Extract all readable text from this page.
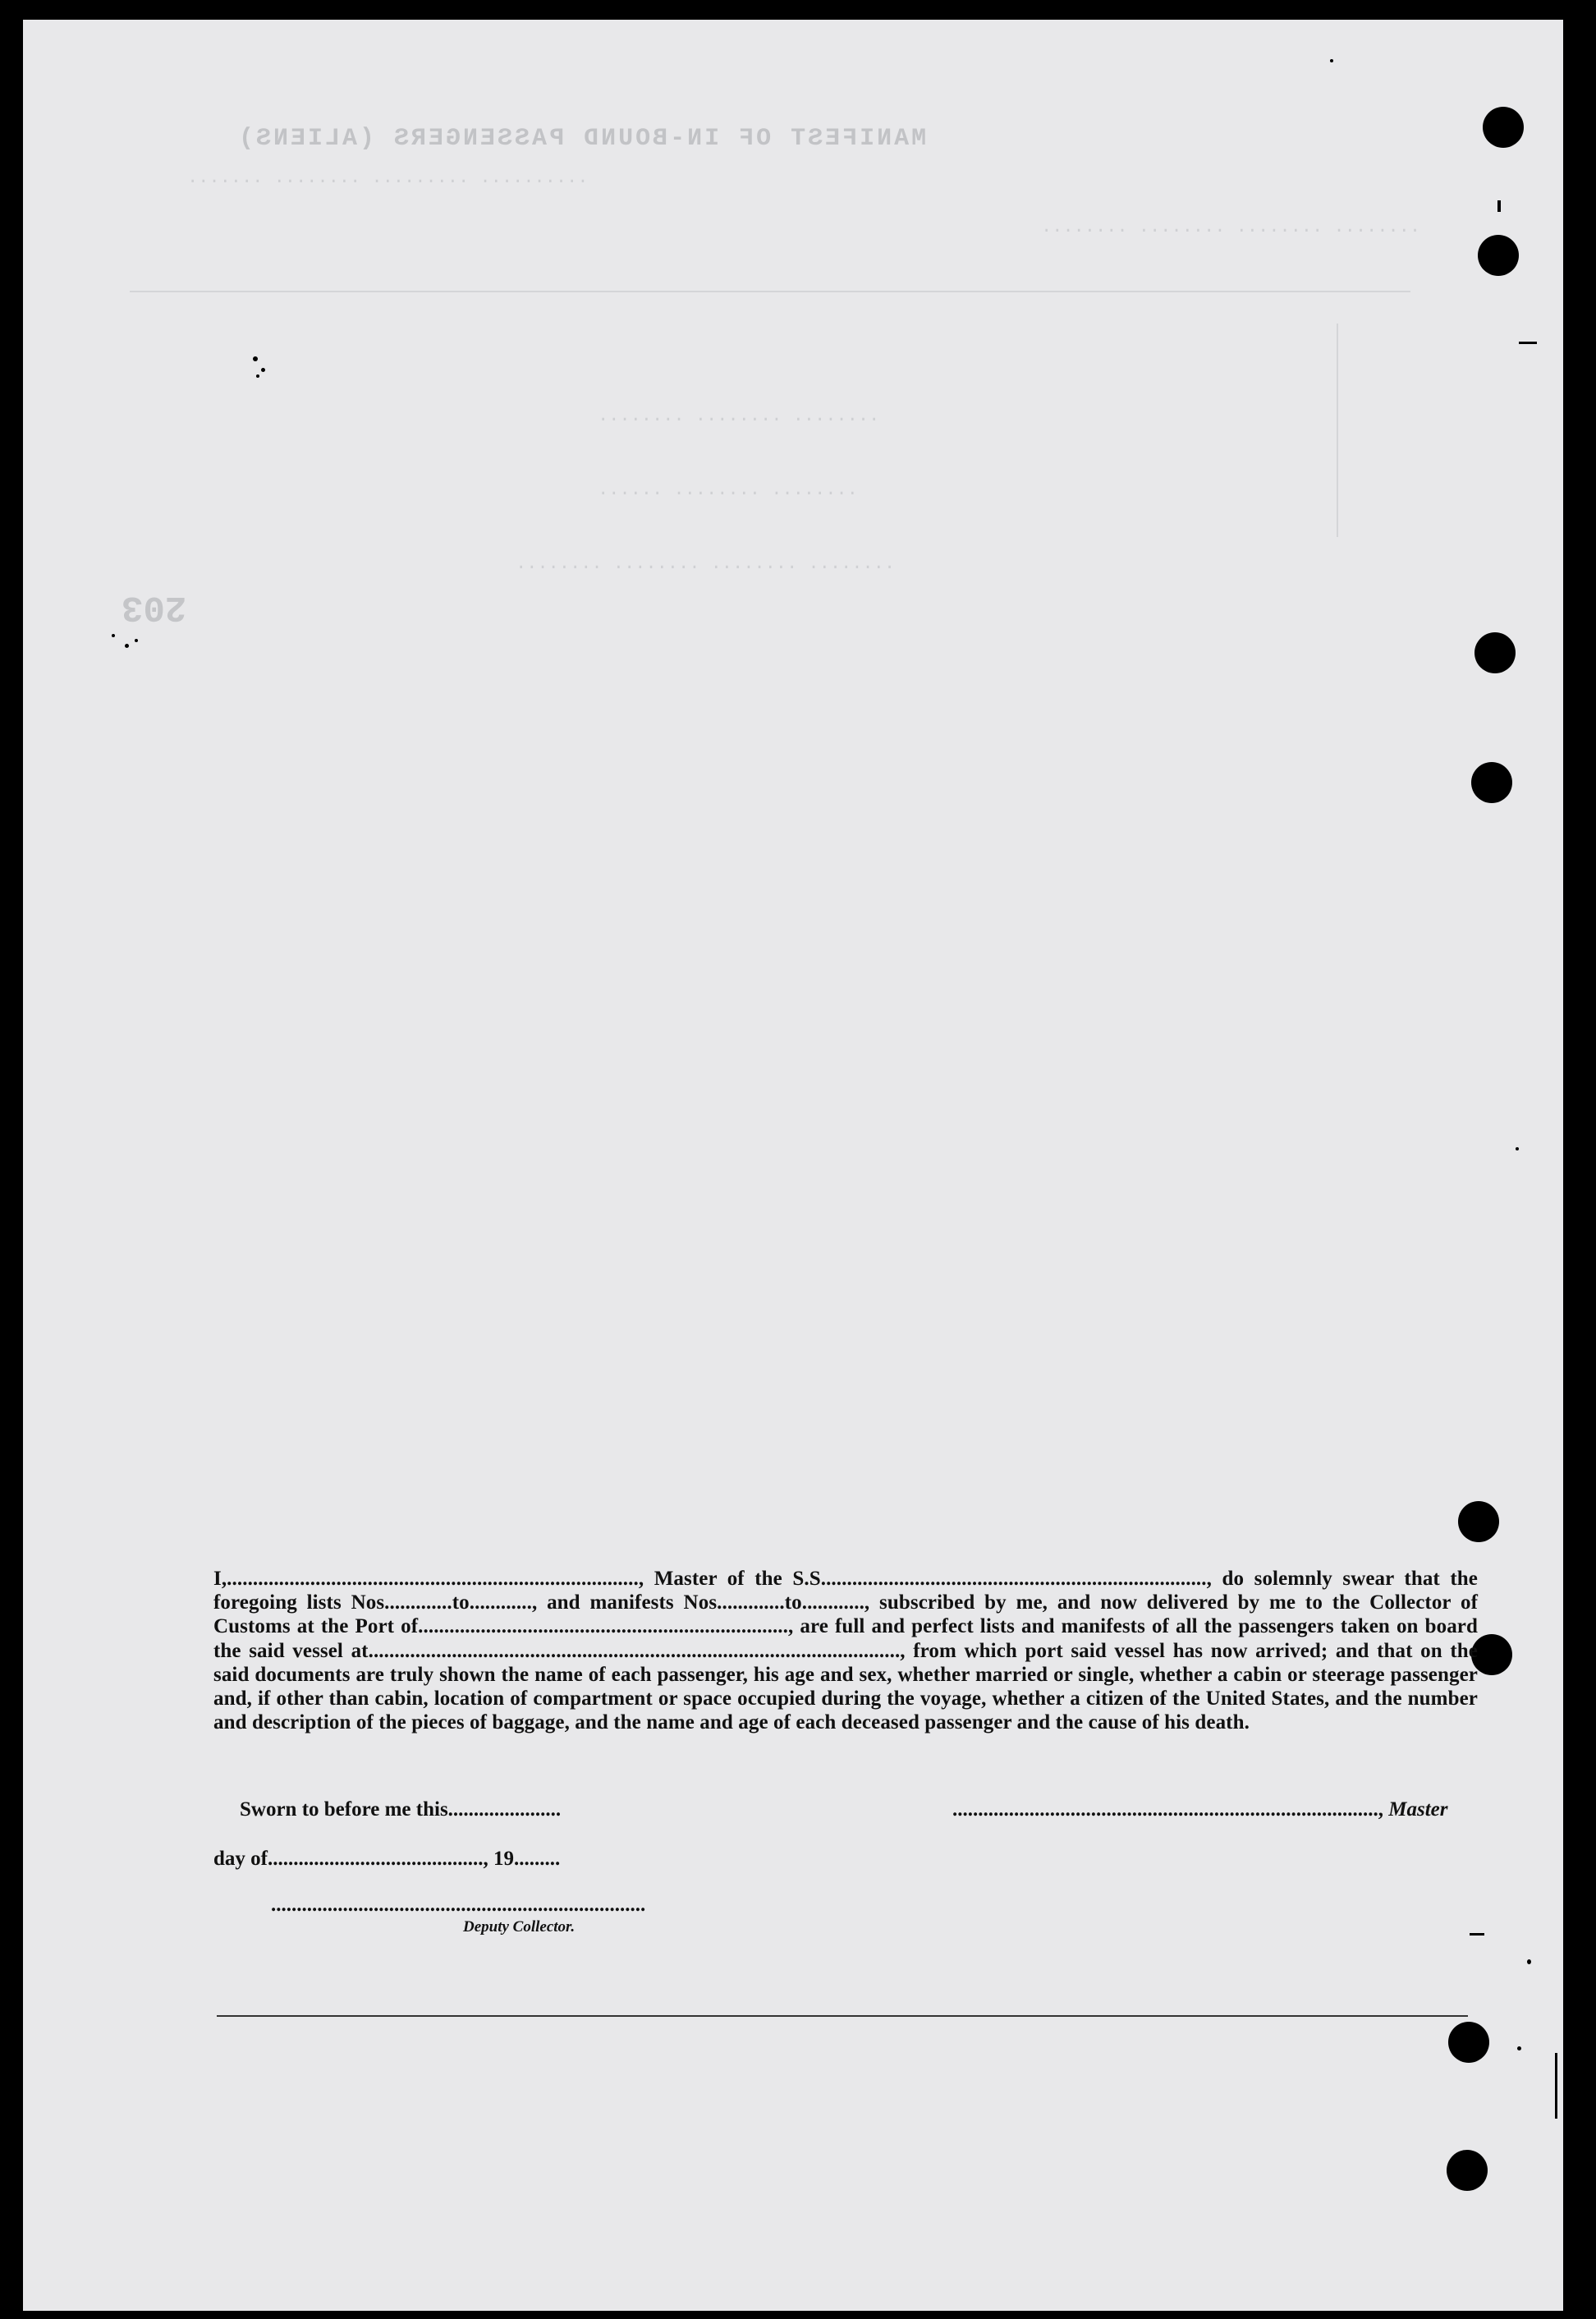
MANIFEST OF IN-BOUND PASSENGERS (ALIENS)
.......... ......... ........ .......
........ ........ ........ ........
........ ........ ........
........ ........ ......
........ ........ ........ ........
203
I,..............................................................................., Master of the S.S.........................................................................., do solemnly swear that the foregoing lists Nos.............to............, and manifests Nos.............to............, subscribed by me, and now delivered by me to the Collector of Customs at the Port of......................................................................., are full and perfect lists and manifests of all the passengers taken on board the said vessel at......................................................................................................, from which port said vessel has now arrived; and that on the said documents are truly shown the name of each passenger, his age and sex, whether married or single, whether a cabin or steerage passenger and, if other than cabin, location of compartment or space occupied during the voyage, whether a citizen of the United States, and the number and description of the pieces of baggage, and the name and age of each deceased passenger and the cause of his death.
Sworn to before me this......................	..................................................................................., Master
day of.........................................., 19.........
.........................................................................
Deputy Collector.
